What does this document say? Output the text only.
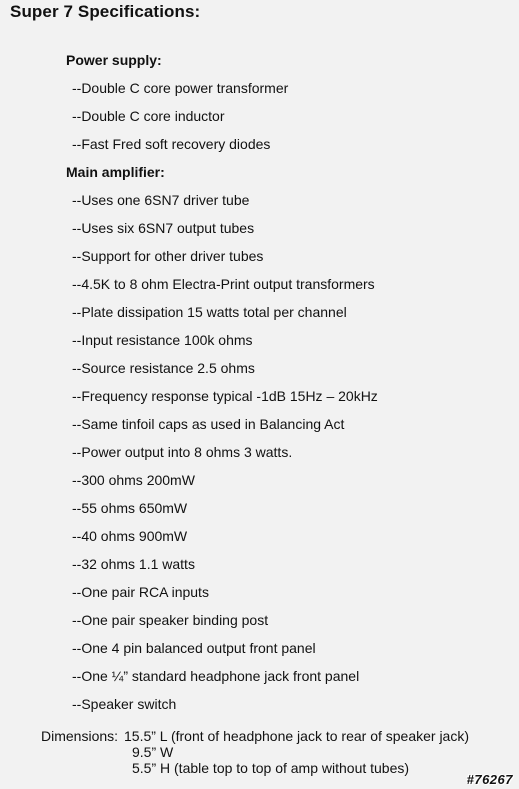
Super 7 Specifications:
Power supply:
--Double C core power transformer
--Double C core inductor
--Fast Fred soft recovery diodes
Main amplifier:
--Uses one 6SN7 driver tube
--Uses six 6SN7 output tubes
--Support for other driver tubes
--4.5K to 8 ohm Electra-Print output transformers
--Plate dissipation 15 watts total per channel
--Input resistance 100k ohms
--Source resistance 2.5 ohms
--Frequency response typical -1dB 15Hz – 20kHz
--Same tinfoil caps as used in Balancing Act
--Power output into 8 ohms 3 watts.
--300 ohms 200mW
--55 ohms 650mW
--40 ohms 900mW
--32 ohms 1.1 watts
--One pair RCA inputs
--One pair speaker binding post
--One 4 pin balanced output front panel
--One ¼” standard headphone jack front panel
--Speaker switch
Dimensions: 15.5” L (front of headphone jack to rear of speaker jack)
9.5” W
5.5” H (table top to top of amp without tubes)
#76267
